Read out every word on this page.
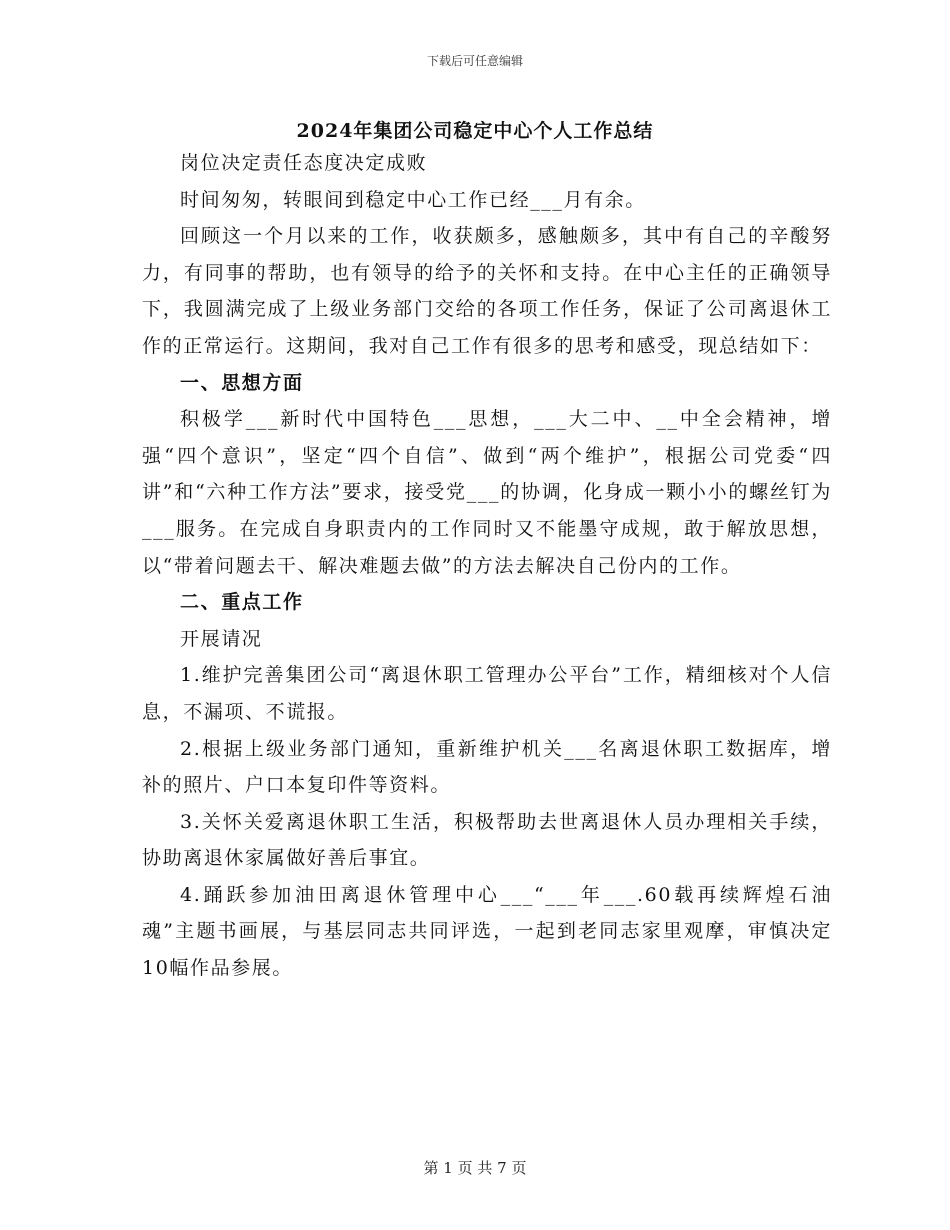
下载后可任意编辑
2024年集团公司稳定中心个人工作总结

岗位决定责任态度决定成败

时间匆匆，转眼间到稳定中心工作已经___月有余。

回顾这一个月以来的工作，收获颇多，感触颇多，其中有自己的辛酸努力，有同事的帮助，也有领导的给予的关怀和支持。在中心主任的正确领导下，我圆满完成了上级业务部门交给的各项工作任务，保证了公司离退休工作的正常运行。这期间，我对自己工作有很多的思考和感受，现总结如下：

一、思想方面

积极学___新时代中国特色___思想，___大二中、__中全会精神，增强“四个意识”，坚定“四个自信”、做到“两个维护”，根据公司党委“四讲”和“六种工作方法”要求，接受党___的协调，化身成一颗小小的螺丝钉为___服务。在完成自身职责内的工作同时又不能墨守成规，敢于解放思想，以“带着问题去干、解决难题去做”的方法去解决自己份内的工作。

二、重点工作

开展请况

1.维护完善集团公司“离退休职工管理办公平台”工作，精细核对个人信息，不漏项、不谎报。

2.根据上级业务部门通知，重新维护机关___名离退休职工数据库，增补的照片、户口本复印件等资料。

3.关怀关爱离退休职工生活，积极帮助去世离退休人员办理相关手续，协助离退休家属做好善后事宜。

4.踊跃参加油田离退休管理中心___“___年___.60载再续辉煌石油魂”主题书画展，与基层同志共同评选，一起到老同志家里观摩，审慎决定10幅作品参展。

第 1 页 共 7 页
